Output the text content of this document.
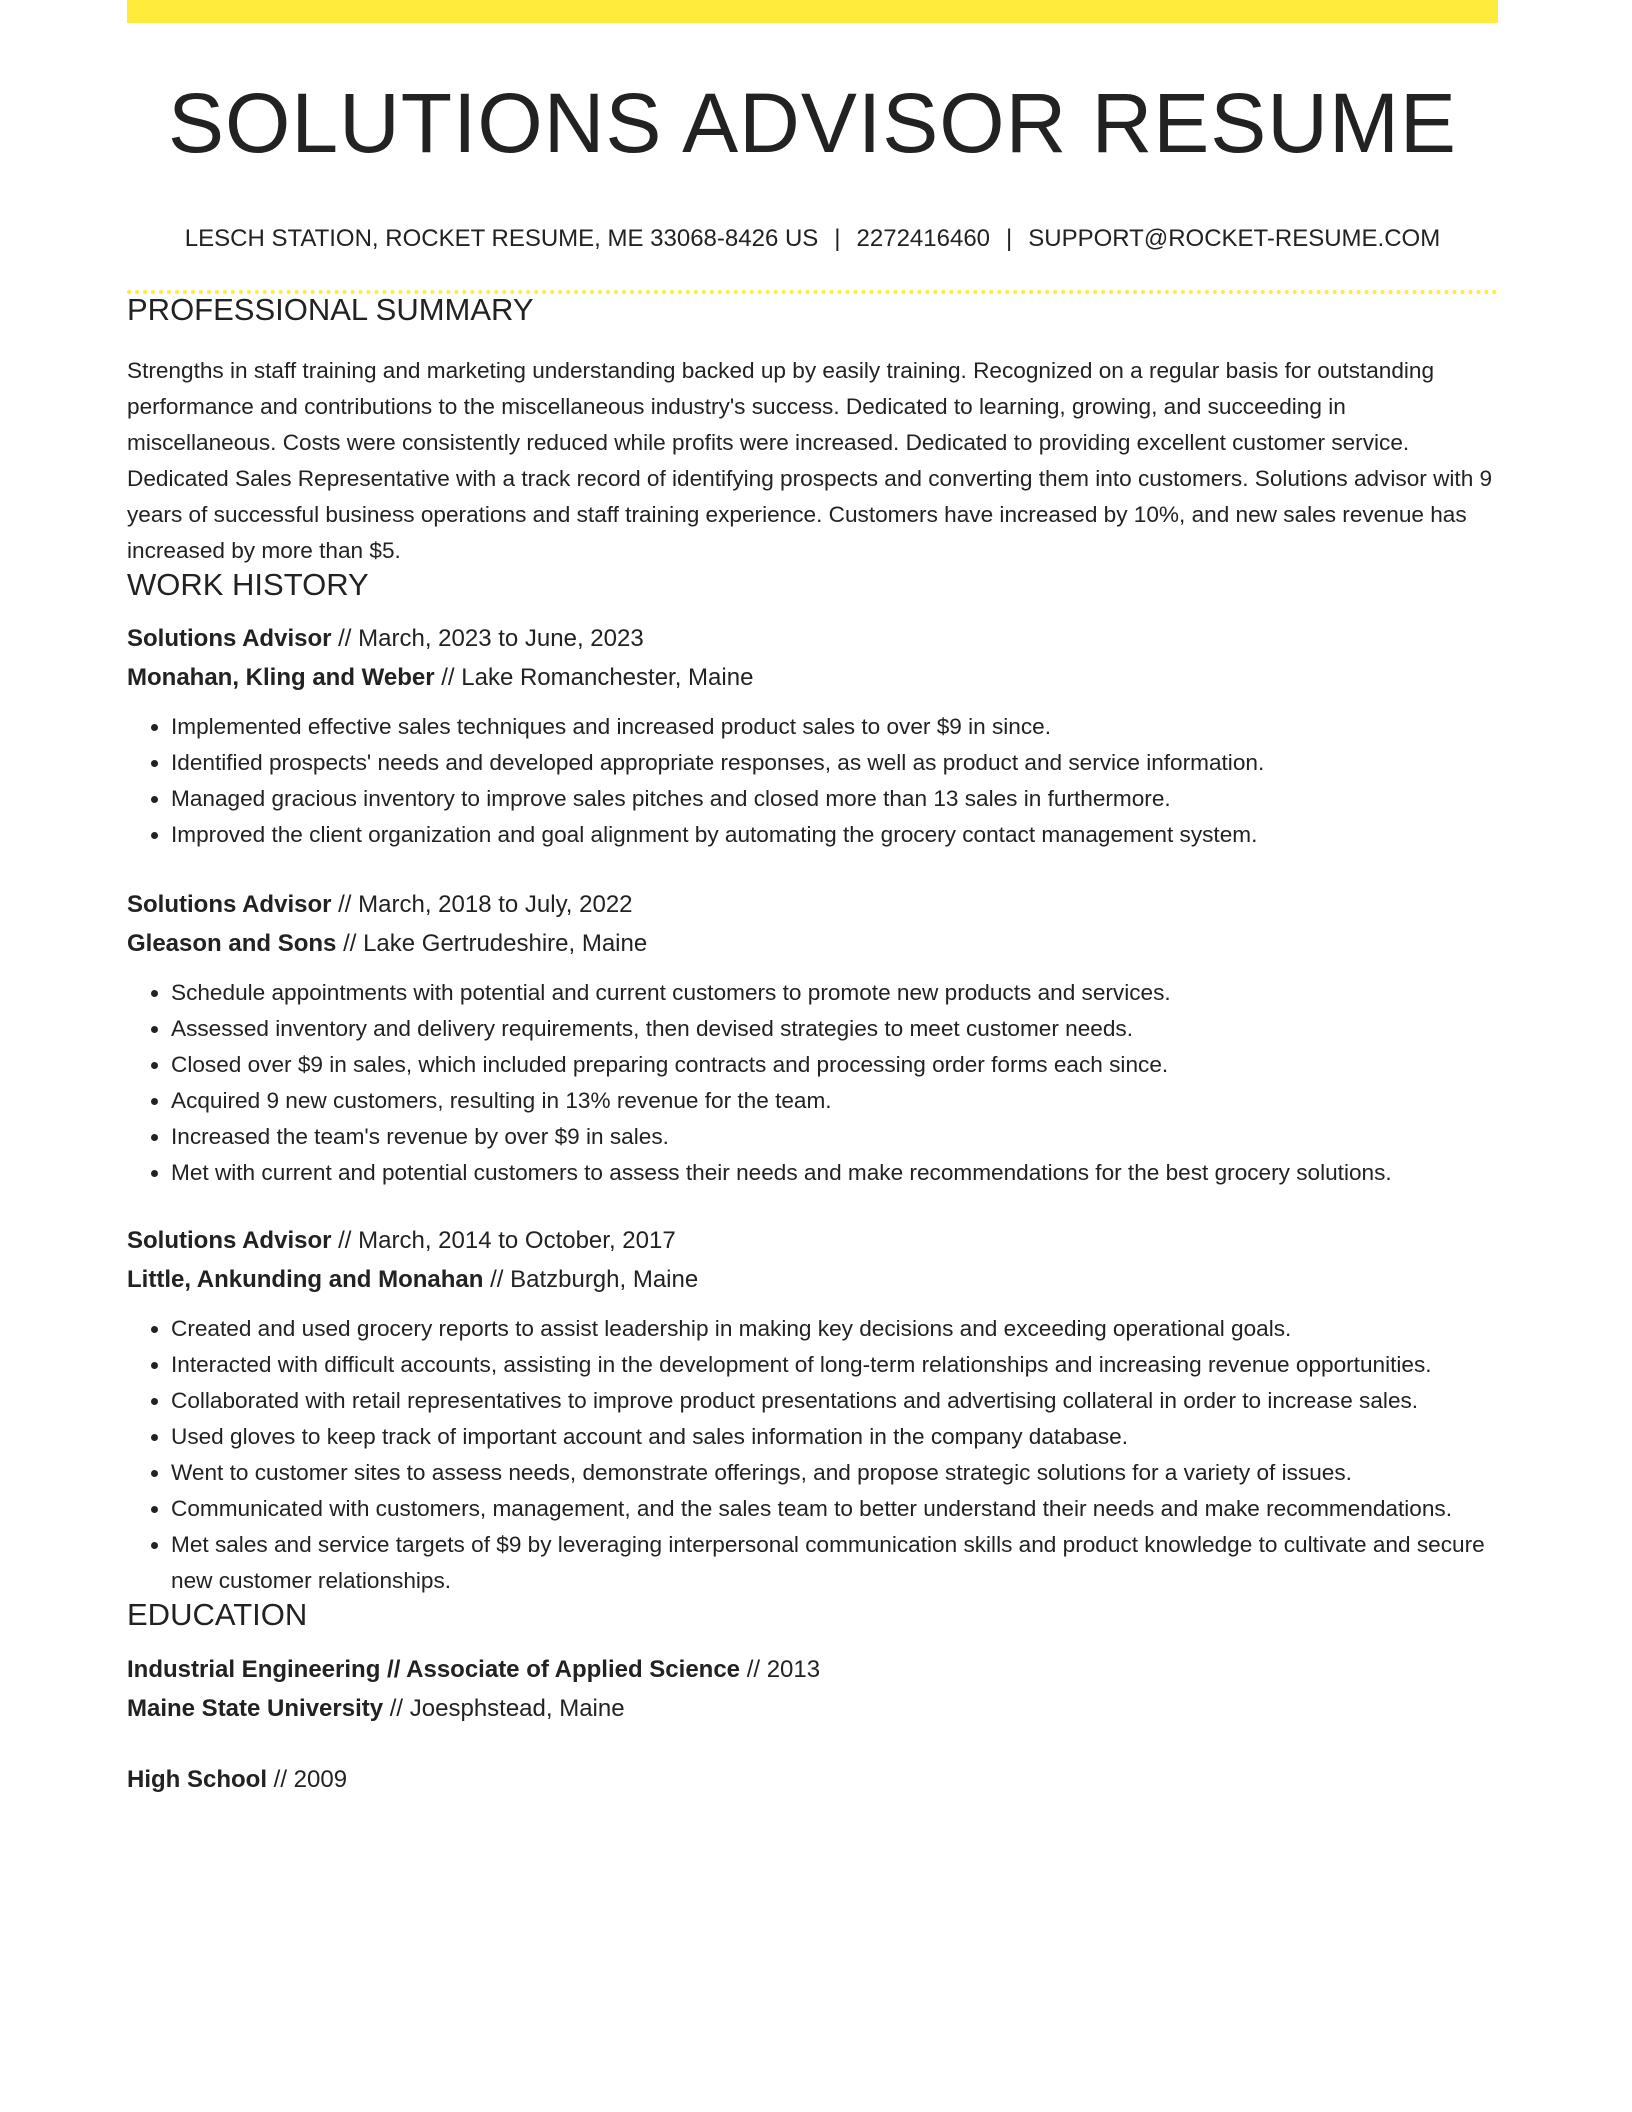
SOLUTIONS ADVISOR RESUME
LESCH STATION, ROCKET RESUME, ME 33068-8426 US | 2272416460 | SUPPORT@ROCKET-RESUME.COM
PROFESSIONAL SUMMARY

Strengths in staff training and marketing understanding backed up by easily training. Recognized on a regular basis for outstanding performance and contributions to the miscellaneous industry's success. Dedicated to learning, growing, and succeeding in miscellaneous. Costs were consistently reduced while profits were increased. Dedicated to providing excellent customer service. Dedicated Sales Representative with a track record of identifying prospects and converting them into customers. Solutions advisor with 9 years of successful business operations and staff training experience. Customers have increased by 10%, and new sales revenue has increased by more than $5.

WORK HISTORY
Solutions Advisor // March, 2023 to June, 2023
Monahan, Kling and Weber // Lake Romanchester, Maine
• Implemented effective sales techniques and increased product sales to over $9 in since.
• Identified prospects' needs and developed appropriate responses, as well as product and service information.
• Managed gracious inventory to improve sales pitches and closed more than 13 sales in furthermore.
• Improved the client organization and goal alignment by automating the grocery contact management system.
Solutions Advisor // March, 2018 to July, 2022
Gleason and Sons // Lake Gertrudeshire, Maine
• Schedule appointments with potential and current customers to promote new products and services.
• Assessed inventory and delivery requirements, then devised strategies to meet customer needs.
• Closed over $9 in sales, which included preparing contracts and processing order forms each since.
• Acquired 9 new customers, resulting in 13% revenue for the team.
• Increased the team's revenue by over $9 in sales.
• Met with current and potential customers to assess their needs and make recommendations for the best grocery solutions.
Solutions Advisor // March, 2014 to October, 2017
Little, Ankunding and Monahan // Batzburgh, Maine
• Created and used grocery reports to assist leadership in making key decisions and exceeding operational goals.
• Interacted with difficult accounts, assisting in the development of long-term relationships and increasing revenue opportunities.
• Collaborated with retail representatives to improve product presentations and advertising collateral in order to increase sales.
• Used gloves to keep track of important account and sales information in the company database.
• Went to customer sites to assess needs, demonstrate offerings, and propose strategic solutions for a variety of issues.
• Communicated with customers, management, and the sales team to better understand their needs and make recommendations.
• Met sales and service targets of $9 by leveraging interpersonal communication skills and product knowledge to cultivate and secure new customer relationships.
EDUCATION
Industrial Engineering // Associate of Applied Science // 2013
Maine State University // Joesphstead, Maine
High School // 2009
